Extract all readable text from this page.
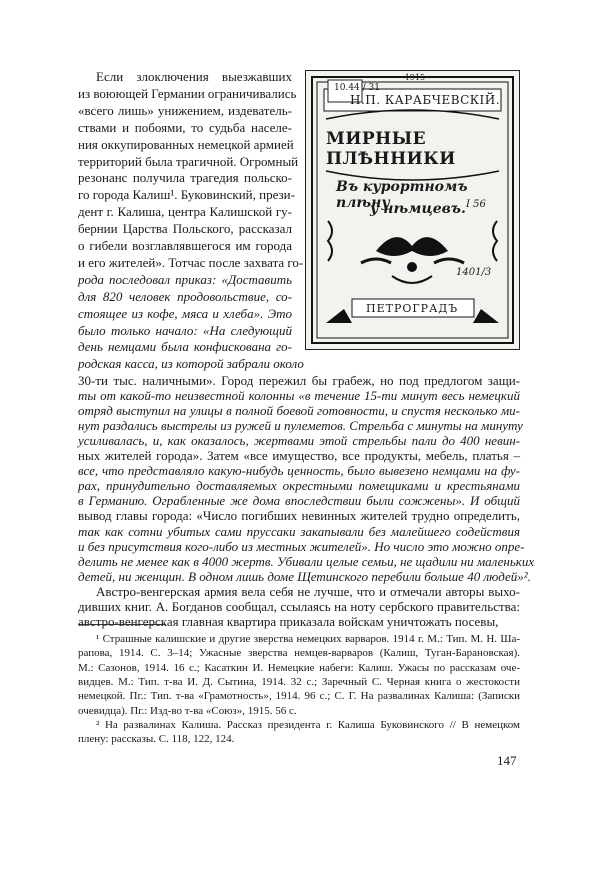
Если злоключения выезжавших
из воюющей Германии ограничивались
«всего лишь» унижением, издеватель-
ствами и побоями, то судьба населе-
ния оккупированных немецкой армией
территорий была трагичной. Огромный
резонанс получила трагедия польско-
го города Калиш¹. Буковинский, прези-
дент г. Калиша, центра Калишской гу-
бернии Царства Польского, рассказал
о гибели возглавлявшегося им города
и его жителей». Тотчас после захвата го-
рода последовал приказ: «Доставить
для 820 человек продовольствие, со-
стоящее из кофе, мяса и хлеба». Это
было только начало: «На следующий
день немцами была конфискована го-
родская касса, из которой забрали около
30-ти тыс. наличными». Город пережил бы грабеж, но под предлогом защи-
ты от какой-то неизвестной колонны «в течение 15-ти минут весь немецкий
отряд выступил на улицы в полной боевой готовности, и спустя несколько ми-
нут раздались выстрелы из ружей и пулеметов. Стрельба с минуты на минуту
усиливалась, и, как оказалось, жертвами этой стрельбы пали до 400 невин-
ных жителей города». Затем «все имущество, все продукты, мебель, платья –
все, что представляло какую-нибудь ценность, было вывезено немцами на фу-
рах, принудительно доставляемых окрестными помещиками и крестьянами
в Германию. Ограбленные же дома впоследствии были сожжены». И общий
вывод главы города: «Число погибших невинных жителей трудно определить,
так как сотни убитых сами пруссаки закапывали без малейшего содействия
и без присутствия кого-либо из местных жителей». Но число это можно опре-
делить не менее как в 4000 жертв. Убивали целые семьи, не щадили ни маленьких
детей, ни женщин. В одном лишь доме Щетинского перебили больше 40 людей»².
Австро-венгерская армия вела себя не лучше, что и отмечали авторы выхо-
дивших книг. А. Богданов сообщал, ссылаясь на ноту сербского правительства:
австро-венгерская главная квартира приказала войскам уничтожать посевы,
¹ Страшные калишские и другие зверства немецких варваров. 1914 г. М.: Тип. М. Н. Ша-
рапова, 1914. С. 3–14; Ужасные зверства немцев-варваров (Калиш, Туган-Барановская).
М.: Сазонов, 1914. 16 с.; Касаткин И. Немецкие набеги: Калиш. Ужасы по рассказам оче-
видцев. М.: Тип. т-ва И. Д. Сытина, 1914. 32 с.; Заречный С. Черная книга о жестокости
немецкой. Пг.: Тип. т-ва «Грамотность», 1914. 96 с.; С. Г. На развалинах Калиша: (Записки
очевидца). Пг.: Изд-во т-ва «Союз», 1915. 56 с.
² На развалинах Калиша. Рассказ президента г. Калиша Буковинского // В немецком
плену: рассказы. С. 118, 122, 124.
147
10.44 / 31
~1915~
Н.П. КАРАБЧЕВСКІЙ.
МИРНЫЕ ПЛѢННИКИ
Въ курортномъ плѣну
у нѣмцевъ. I 56
1401/3
ПЕТРОГРАДЪ
